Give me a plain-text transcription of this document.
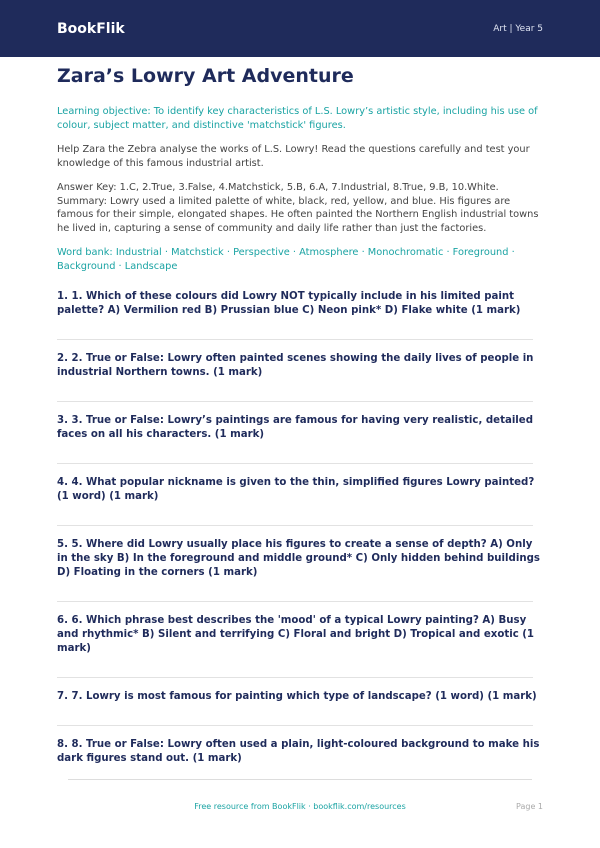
BookFlik	Art | Year 5
Zara’s Lowry Art Adventure

Learning objective: To identify key characteristics of L.S. Lowry’s artistic style, including his use of colour, subject matter, and distinctive 'matchstick' figures.

Help Zara the Zebra analyse the works of L.S. Lowry! Read the questions carefully and test your knowledge of this famous industrial artist.

Answer Key: 1.C, 2.True, 3.False, 4.Matchstick, 5.B, 6.A, 7.Industrial, 8.True, 9.B, 10.White. Summary: Lowry used a limited palette of white, black, red, yellow, and blue. His figures are famous for their simple, elongated shapes. He often painted the Northern English industrial towns he lived in, capturing a sense of community and daily life rather than just the factories.

Word bank: Industrial · Matchstick · Perspective · Atmosphere · Monochromatic · Foreground · Background · Landscape

1. 1. Which of these colours did Lowry NOT typically include in his limited paint palette? A) Vermilion red B) Prussian blue C) Neon pink* D) Flake white (1 mark)
2. 2. True or False: Lowry often painted scenes showing the daily lives of people in industrial Northern towns. (1 mark)
3. 3. True or False: Lowry’s paintings are famous for having very realistic, detailed faces on all his characters. (1 mark)
4. 4. What popular nickname is given to the thin, simplified figures Lowry painted? (1 word) (1 mark)
5. 5. Where did Lowry usually place his figures to create a sense of depth? A) Only in the sky B) In the foreground and middle ground* C) Only hidden behind buildings D) Floating in the corners (1 mark)
6. 6. Which phrase best describes the 'mood' of a typical Lowry painting? A) Busy and rhythmic* B) Silent and terrifying C) Floral and bright D) Tropical and exotic (1 mark)
7. 7. Lowry is most famous for painting which type of landscape? (1 word) (1 mark)
8. 8. True or False: Lowry often used a plain, light-coloured background to make his dark figures stand out. (1 mark)
Free resource from BookFlik · bookflik.com/resources	Page 1
